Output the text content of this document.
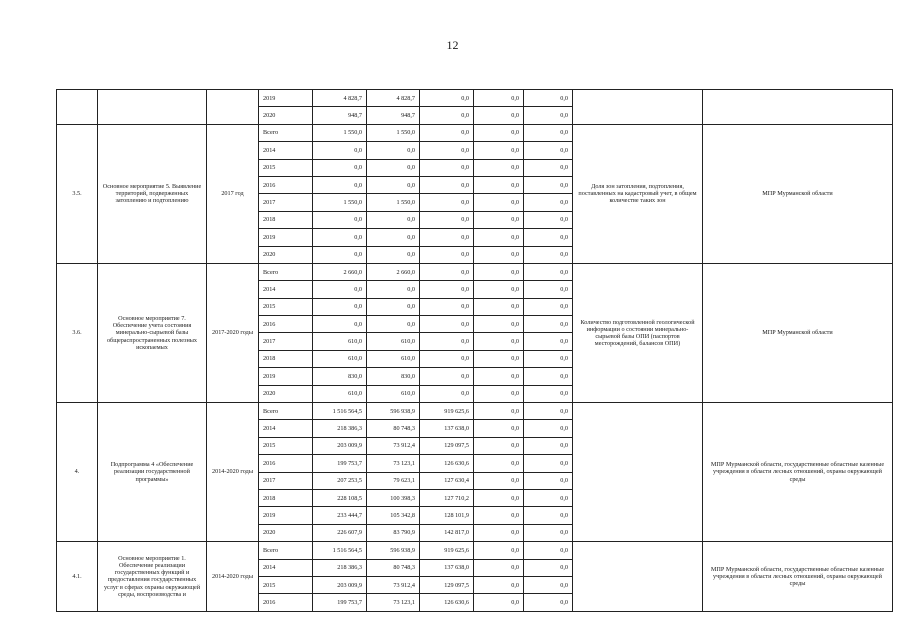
12
			2019	4 828,7	4 828,7	0,0	0,0	0,0		
			2020	948,7	948,7	0,0	0,0	0,0		
3.5.	Основное мероприятие 5. Выявление территорий, подверженных затоплению и подтоплению	2017 год	Всего	1 550,0	1 550,0	0,0	0,0	0,0	Доля зон затопления, подтопления, поставленных на кадастровый учет, в общем количестве таких зон	МПР Мурманской области
			2014	0,0	0,0	0,0	0,0	0,0		
			2015	0,0	0,0	0,0	0,0	0,0		
			2016	0,0	0,0	0,0	0,0	0,0		
			2017	1 550,0	1 550,0	0,0	0,0	0,0		
			2018	0,0	0,0	0,0	0,0	0,0		
			2019	0,0	0,0	0,0	0,0	0,0		
			2020	0,0	0,0	0,0	0,0	0,0		
3.6.	Основное мероприятие 7. Обеспечение учета состояния минерально-сырьевой базы общераспространенных полезных ископаемых	2017-2020 годы	Всего	2 660,0	2 660,0	0,0	0,0	0,0	Количество подготовленной геологической информации о состоянии минерально-сырьевой базы ОПИ (паспортов месторождений, балансов ОПИ)	МПР Мурманской области
			2014	0,0	0,0	0,0	0,0	0,0		
			2015	0,0	0,0	0,0	0,0	0,0		
			2016	0,0	0,0	0,0	0,0	0,0		
			2017	610,0	610,0	0,0	0,0	0,0		
			2018	610,0	610,0	0,0	0,0	0,0		
			2019	830,0	830,0	0,0	0,0	0,0		
			2020	610,0	610,0	0,0	0,0	0,0		
4.	Подпрограмма 4 «Обеспечение реализации государственной программы»	2014-2020 годы	Всего	1 516 564,5	596 938,9	919 625,6	0,0	0,0		МПР Мурманской области, государственные областные казенные учреждения в области лесных отношений, охраны окружающей среды
			2014	218 386,3	80 748,3	137 638,0	0,0	0,0		
			2015	203 009,9	73 912,4	129 097,5	0,0	0,0		
			2016	199 753,7	73 123,1	126 630,6	0,0	0,0		
			2017	207 253,5	79 623,1	127 630,4	0,0	0,0		
			2018	228 108,5	100 398,3	127 710,2	0,0	0,0		
			2019	233 444,7	105 342,8	128 101,9	0,0	0,0		
			2020	226 607,9	83 790,9	142 817,0	0,0	0,0		
4.1.	Основное мероприятие 1. Обеспечение реализации государственных функций и предоставления государственных услуг в сферах охраны окружающей среды, воспроизводства и	2014-2020 годы	Всего	1 516 564,5	596 938,9	919 625,6	0,0	0,0		МПР Мурманской области, государственные областные казенные учреждения в области лесных отношений, охраны окружающей среды
			2014	218 386,3	80 748,3	137 638,0	0,0	0,0		
			2015	203 009,9	73 912,4	129 097,5	0,0	0,0		
			2016	199 753,7	73 123,1	126 630,6	0,0	0,0		
